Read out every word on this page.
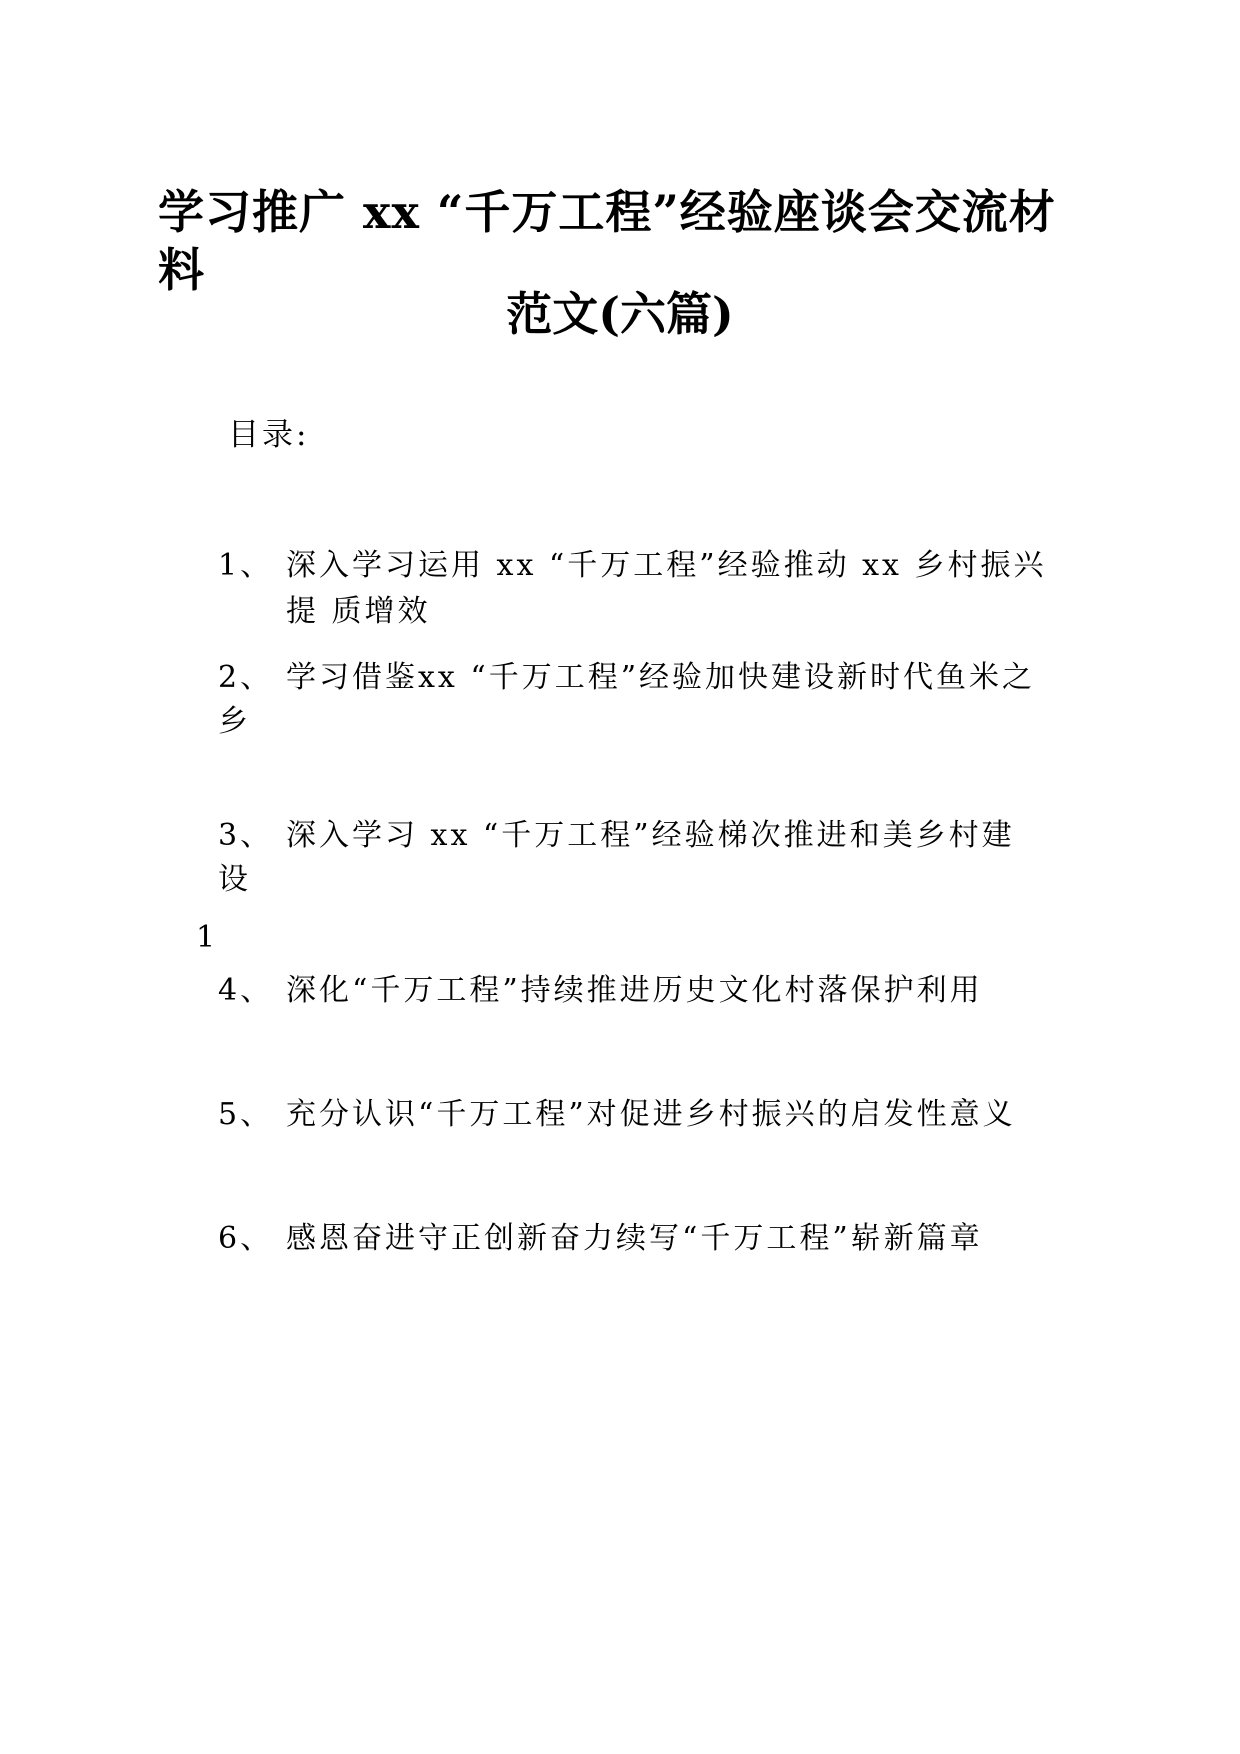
学习推广 xx “千万工程”经验座谈会交流材
料
范文(六篇)
目录:
1、 深入学习运用 xx “千万工程”经验推动 xx 乡村振兴
提 质增效
2、 学习借鉴xx “千万工程”经验加快建设新时代鱼米之
乡
3、 深入学习 xx “千万工程”经验梯次推进和美乡村建
设
1
4、 深化“千万工程”持续推进历史文化村落保护利用
5、 充分认识“千万工程”对促进乡村振兴的启发性意义
6、 感恩奋进守正创新奋力续写“千万工程”崭新篇章
